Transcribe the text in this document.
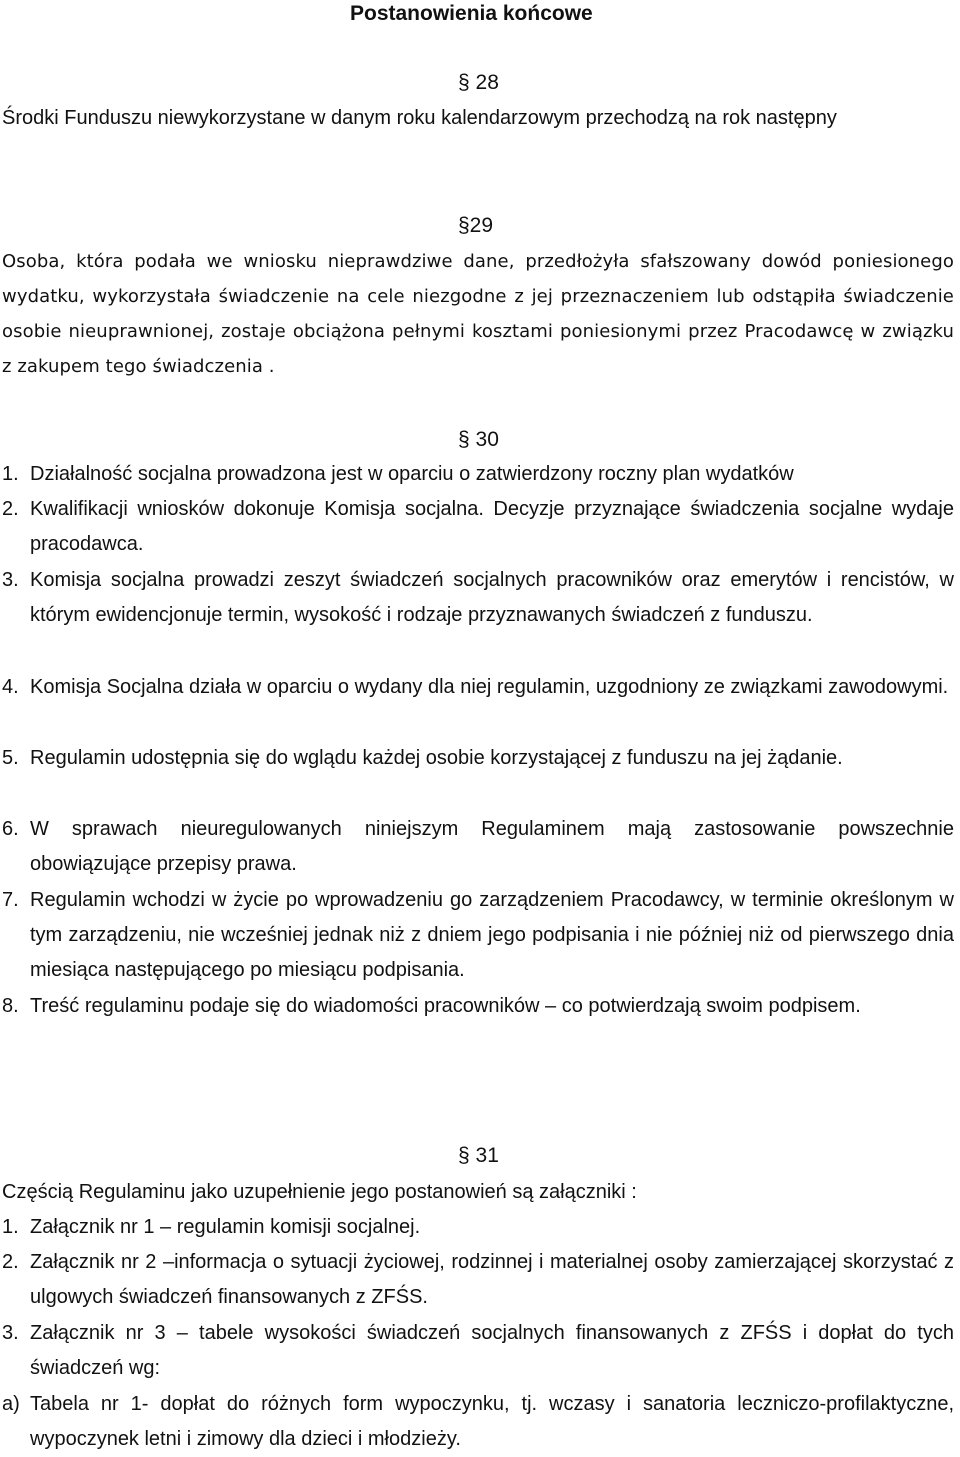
Postanowienia końcowe
§ 28
Środki Funduszu niewykorzystane w danym roku kalendarzowym przechodzą na rok następny
§29
Osoba, która podała we wniosku nieprawdziwe dane, przedłożyła sfałszowany dowód poniesionego wydatku, wykorzystała świadczenie na cele niezgodne z jej przeznaczeniem lub odstąpiła świadczenie osobie nieuprawnionej, zostaje obciążona pełnymi kosztami poniesionymi przez Pracodawcę w związku z zakupem tego świadczenia .
§ 30
1. Działalność socjalna prowadzona jest w oparciu o zatwierdzony roczny plan wydatków
2. Kwalifikacji wniosków dokonuje Komisja socjalna. Decyzje przyznające świadczenia socjalne wydaje pracodawca.
3. Komisja socjalna prowadzi zeszyt świadczeń socjalnych pracowników oraz emerytów i rencistów, w którym ewidencjonuje termin, wysokość i rodzaje przyznawanych świadczeń z funduszu.
4. Komisja Socjalna działa w oparciu o wydany dla niej regulamin, uzgodniony ze związkami zawodowymi.
5. Regulamin udostępnia się do wglądu każdej osobie korzystającej z funduszu na jej żądanie.
6. W sprawach nieuregulowanych niniejszym Regulaminem mają zastosowanie powszechnie obowiązujące przepisy prawa.
7. Regulamin wchodzi w życie po wprowadzeniu go zarządzeniem Pracodawcy, w terminie określonym w tym zarządzeniu, nie wcześniej jednak niż z dniem jego podpisania i nie później niż od pierwszego dnia miesiąca następującego po miesiącu podpisania.
8. Treść regulaminu podaje się do wiadomości pracowników – co potwierdzają swoim podpisem.
§ 31
Częścią Regulaminu jako uzupełnienie jego postanowień są załączniki :
1. Załącznik nr 1 – regulamin komisji socjalnej.
2. Załącznik nr 2 –informacja o sytuacji życiowej, rodzinnej i materialnej osoby zamierzającej skorzystać z ulgowych świadczeń finansowanych z ZFŚS.
3. Załącznik nr 3 – tabele wysokości świadczeń socjalnych finansowanych z ZFŚS i dopłat do tych świadczeń wg:
a) Tabela nr 1- dopłat do różnych form wypoczynku, tj. wczasy i sanatoria leczniczo-profilaktyczne, wypoczynek letni i zimowy dla dzieci i młodzieży.
